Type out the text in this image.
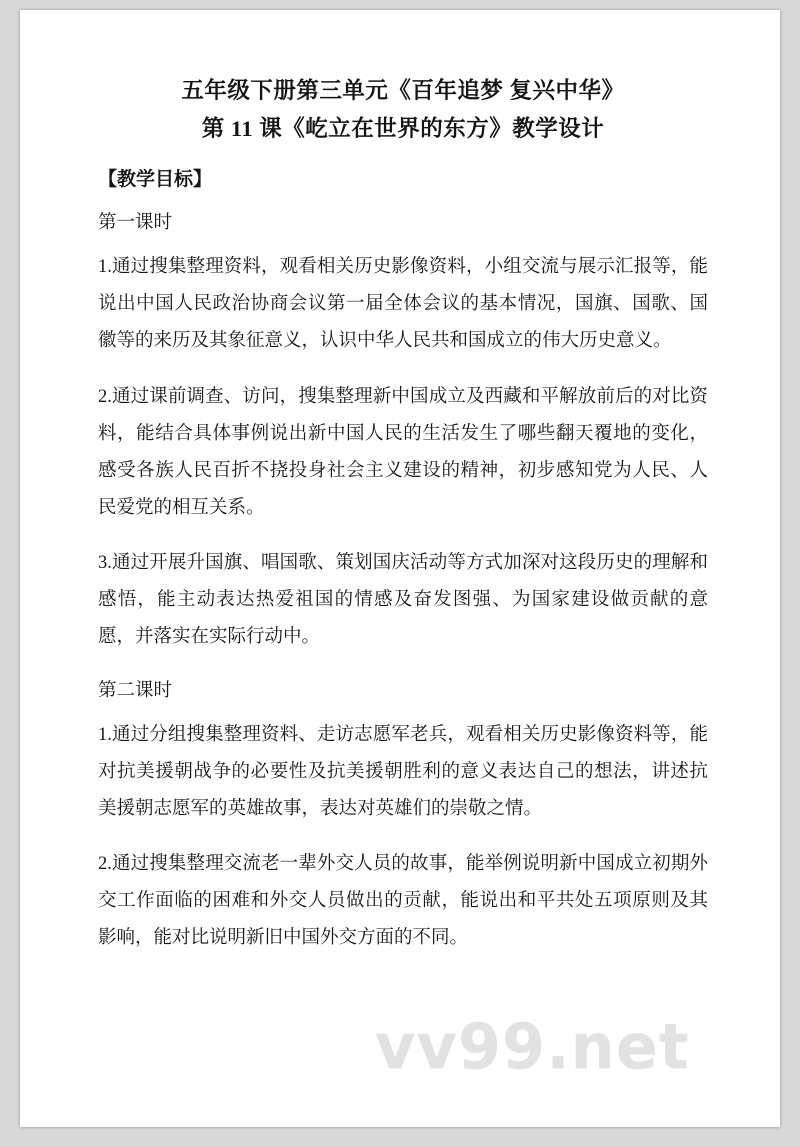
五年级下册第三单元《百年追梦 复兴中华》
第 11 课《屹立在世界的东方》教学设计
【教学目标】
第一课时

1.通过搜集整理资料，观看相关历史影像资料，小组交流与展示汇报等，能说出中国人民政治协商会议第一届全体会议的基本情况，国旗、国歌、国徽等的来历及其象征意义，认识中华人民共和国成立的伟大历史意义。

2.通过课前调查、访问，搜集整理新中国成立及西藏和平解放前后的对比资料，能结合具体事例说出新中国人民的生活发生了哪些翻天覆地的变化，感受各族人民百折不挠投身社会主义建设的精神，初步感知党为人民、人民爱党的相互关系。

3.通过开展升国旗、唱国歌、策划国庆活动等方式加深对这段历史的理解和感悟，能主动表达热爱祖国的情感及奋发图强、为国家建设做贡献的意愿，并落实在实际行动中。

第二课时

1.通过分组搜集整理资料、走访志愿军老兵，观看相关历史影像资料等，能对抗美援朝战争的必要性及抗美援朝胜利的意义表达自己的想法，讲述抗美援朝志愿军的英雄故事，表达对英雄们的崇敬之情。

2.通过搜集整理交流老一辈外交人员的故事，能举例说明新中国成立初期外交工作面临的困难和外交人员做出的贡献，能说出和平共处五项原则及其影响，能对比说明新旧中国外交方面的不同。

vv99.net
